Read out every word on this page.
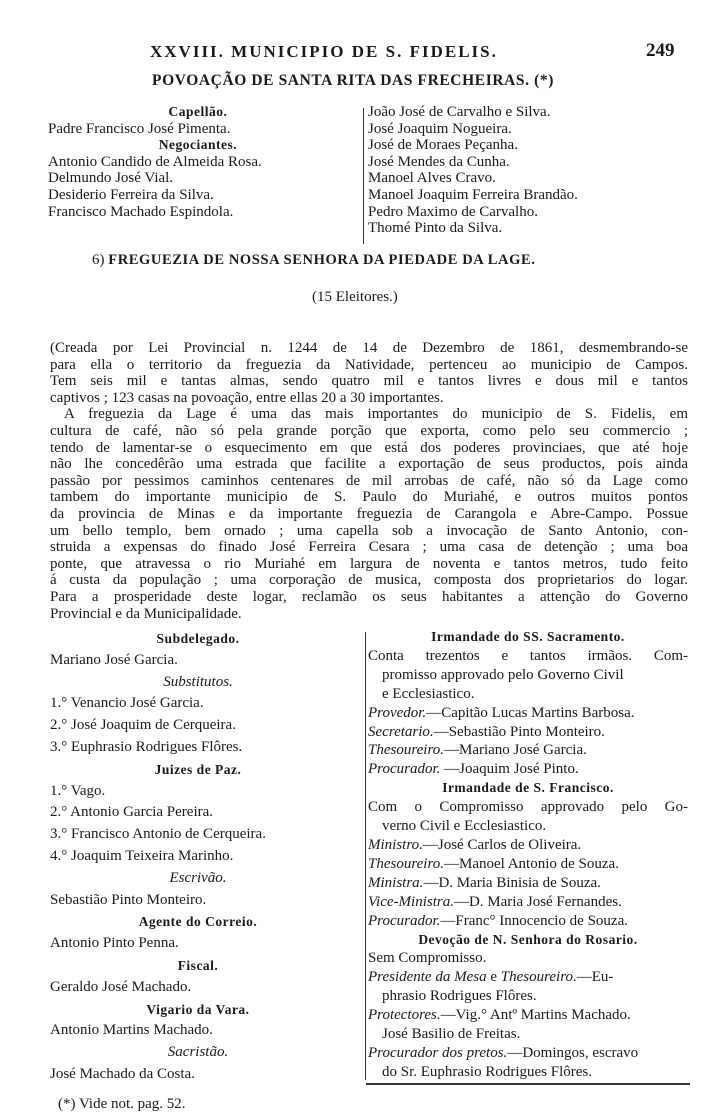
XXVIII. MUNICIPIO DE S. FIDELIS.	249
POVOAÇÃO DE SANTA RITA DAS FRECHEIRAS. (*)
Capellão.
Padre Francisco José Pimenta.
Negociantes.
Antonio Candido de Almeida Rosa.
Delmundo José Vial.
Desiderio Ferreira da Silva.
Francisco Machado Espindola.
João José de Carvalho e Silva.
José Joaquim Nogueira.
José de Moraes Peçanha.
José Mendes da Cunha.
Manoel Alves Cravo.
Manoel Joaquim Ferreira Brandão.
Pedro Maximo de Carvalho.
Thomé Pinto da Silva.
6) FREGUEZIA DE NOSSA SENHORA DA PIEDADE DA LAGE.
(15 Eleitores.)
(Creada por Lei Provincial n. 1244 de 14 de Dezembro de 1861, desmembrando-se
para ella o territorio da freguezia da Natividade, pertenceu ao municipio de Campos.
Tem seis mil e tantas almas, sendo quatro mil e tantos livres e dous mil e tantos
captivos ; 123 casas na povoação, entre ellas 20 a 30 importantes.
A freguezia da Lage é uma das mais importantes do municipio de S. Fidelis, em
cultura de café, não só pela grande porção que exporta, como pelo seu commercio ;
tendo de lamentar-se o esquecimento em que está dos poderes provinciaes, que até hoje
não lhe concedêrão uma estrada que facilite a exportação de seus productos, pois ainda
passão por pessimos caminhos centenares de mil arrobas de café, não só da Lage como
tambem do importante municipio de S. Paulo do Muriahé, e outros muitos pontos
da provincia de Minas e da importante freguezia de Carangola e Abre-Campo. Possue
um bello templo, bem ornado ; uma capella sob a invocação de Santo Antonio, con-
struida a expensas do finado José Ferreira Cesara ; uma casa de detenção ; uma boa
ponte, que atravessa o rio Muriahé em largura de noventa e tantos metros, tudo feito
á custa da população ; uma corporação de musica, composta dos proprietarios do logar.
Para a prosperidade deste logar, reclamão os seus habitantes a attenção do Governo
Provincial e da Municipalidade.
Subdelegado.
Mariano José Garcia.
Substitutos.
1.° Venancio José Garcia.
2.° José Joaquim de Cerqueira.
3.° Euphrasio Rodrigues Flôres.
Juizes de Paz.
1.° Vago.
2.° Antonio Garcia Pereira.
3.° Francisco Antonio de Cerqueira.
4.° Joaquim Teixeira Marinho.
Escrivão.
Sebastião Pinto Monteiro.
Agente do Correio.
Antonio Pinto Penna.
Fiscal.
Geraldo José Machado.
Vigario da Vara.
Antonio Martins Machado.
Sacristão.
José Machado da Costa.
Irmandade do SS. Sacramento.
Conta trezentos e tantos irmãos. Com-
promisso approvado pelo Governo Civil
e Ecclesiastico.
Provedor.—Capitão Lucas Martins Barbosa.
Secretario.—Sebastião Pinto Monteiro.
Thesoureiro.—Mariano José Garcia.
Procurador. —Joaquim José Pinto.
Irmandade de S. Francisco.
Com o Compromisso approvado pelo Go-
verno Civil e Ecclesiastico.
Ministro.—José Carlos de Oliveira.
Thesoureiro.—Manoel Antonio de Souza.
Ministra.—D. Maria Binisia de Souza.
Vice-Ministra.—D. Maria José Fernandes.
Procurador.—Franc° Innocencio de Souza.
Devoção de N. Senhora do Rosario.
Sem Compromisso.
Presidente da Mesa e Thesoureiro.—Eu-
phrasio Rodrigues Flôres.
Protectores.—Vig.° Antº Martins Machado.
José Basilio de Freitas.
Procurador dos pretos.—Domingos, escravo
do Sr. Euphrasio Rodrigues Flôres.
(*) Vide not. pag. 52.
